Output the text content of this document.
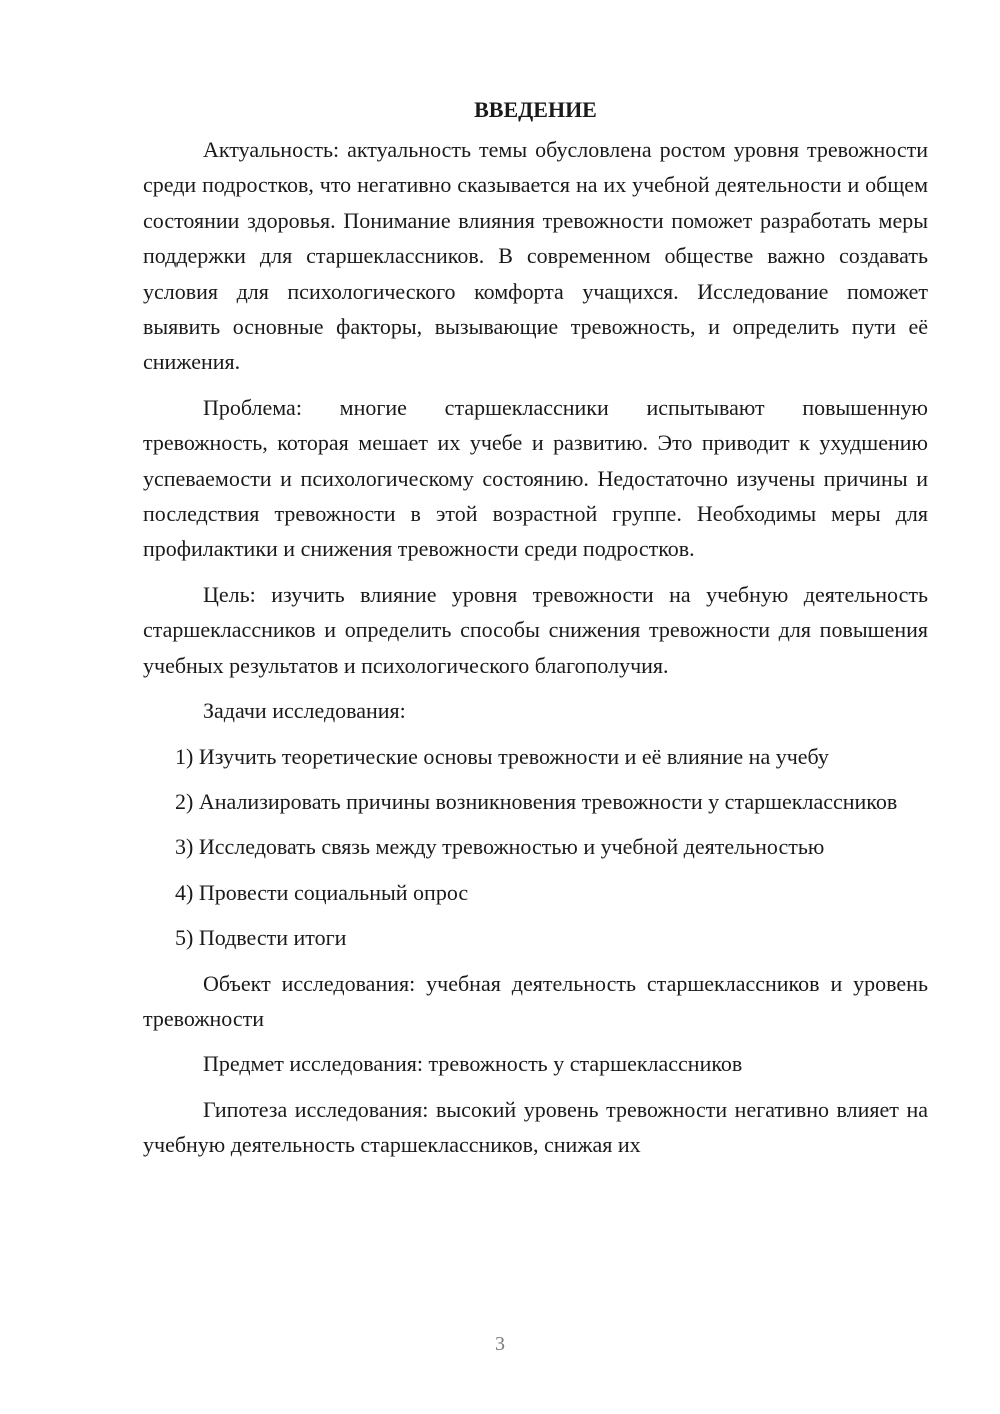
ВВЕДЕНИЕ

Актуальность: актуальность темы обусловлена ростом уровня тревожности среди подростков, что негативно сказывается на их учебной деятельности и общем состоянии здоровья. Понимание влияния тревожности поможет разработать меры поддержки для старшеклассников. В современном обществе важно создавать условия для психологического комфорта учащихся. Исследование поможет выявить основные факторы, вызывающие тревожность, и определить пути её снижения.

Проблема: многие старшеклассники испытывают повышенную тревожность, которая мешает их учебе и развитию. Это приводит к ухудшению успеваемости и психологическому состоянию. Недостаточно изучены причины и последствия тревожности в этой возрастной группе. Необходимы меры для профилактики и снижения тревожности среди подростков.

Цель: изучить влияние уровня тревожности на учебную деятельность старшеклассников и определить способы снижения тревожности для повышения учебных результатов и психологического благополучия.

Задачи исследования:

1) Изучить теоретические основы тревожности и её влияние на учебу

2) Анализировать причины возникновения тревожности у старшеклассников

3) Исследовать связь между тревожностью и учебной деятельностью

4) Провести социальный опрос

5) Подвести итоги

Объект исследования: учебная деятельность старшеклассников и уровень тревожности

Предмет исследования: тревожность у старшеклассников

Гипотеза исследования: высокий уровень тревожности негативно влияет на учебную деятельность старшеклассников, снижая их

3
